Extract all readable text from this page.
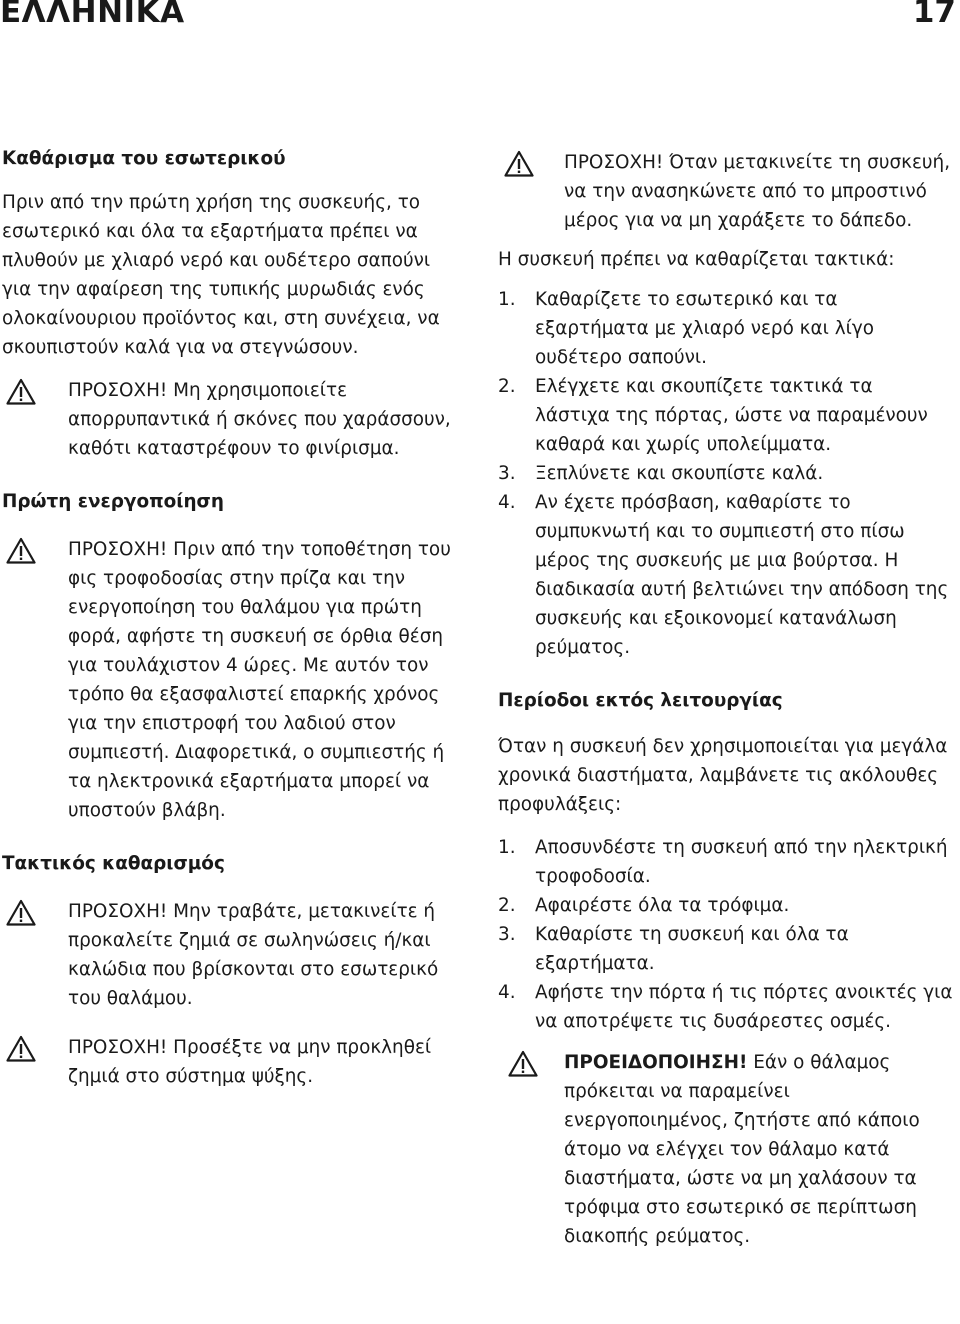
ΕΛΛΗΝΙΚΑ	17
Καθάρισμα του εσωτερικού

Πριν από την πρώτη χρήση της συσκευής, το εσωτερικό και όλα τα εξαρτήματα πρέπει να πλυθούν με χλιαρό νερό και ουδέτερο σαπούνι για την αφαίρεση της τυπικής μυρωδιάς ενός ολοκαίνουριου προϊόντος και, στη συνέχεια, να σκουπιστούν καλά για να στεγνώσουν.

ΠΡΟΣΟΧΗ! Μη χρησιμοποιείτε απορρυπαντικά ή σκόνες που χαράσσουν, καθότι καταστρέφουν το φινίρισμα.

Πρώτη ενεργοποίηση

ΠΡΟΣΟΧΗ! Πριν από την τοποθέτηση του φις τροφοδοσίας στην πρίζα και την ενεργοποίηση του θαλάμου για πρώτη φορά, αφήστε τη συσκευή σε όρθια θέση για τουλάχιστον 4 ώρες. Με αυτόν τον τρόπο θα εξασφαλιστεί επαρκής χρόνος για την επιστροφή του λαδιού στον συμπιεστή. Διαφορετικά, ο συμπιεστής ή τα ηλεκτρονικά εξαρτήματα μπορεί να υποστούν βλάβη.

Τακτικός καθαρισμός

ΠΡΟΣΟΧΗ! Μην τραβάτε, μετακινείτε ή προκαλείτε ζημιά σε σωληνώσεις ή/και καλώδια που βρίσκονται στο εσωτερικό του θαλάμου.

ΠΡΟΣΟΧΗ! Προσέξτε να μην προκληθεί ζημιά στο σύστημα ψύξης.

ΠΡΟΣΟΧΗ! Όταν μετακινείτε τη συσκευή, να την ανασηκώνετε από το μπροστινό μέρος για να μη χαράξετε το δάπεδο.

Η συσκευή πρέπει να καθαρίζεται τακτικά:

1. Καθαρίζετε το εσωτερικό και τα εξαρτήματα με χλιαρό νερό και λίγο ουδέτερο σαπούνι.
2. Ελέγχετε και σκουπίζετε τακτικά τα λάστιχα της πόρτας, ώστε να παραμένουν καθαρά και χωρίς υπολείμματα.
3. Ξεπλύνετε και σκουπίστε καλά.
4. Αν έχετε πρόσβαση, καθαρίστε το συμπυκνωτή και το συμπιεστή στο πίσω μέρος της συσκευής με μια βούρτσα. Η διαδικασία αυτή βελτιώνει την απόδοση της συσκευής και εξοικονομεί κατανάλωση ρεύματος.
Περίοδοι εκτός λειτουργίας

Όταν η συσκευή δεν χρησιμοποιείται για μεγάλα χρονικά διαστήματα, λαμβάνετε τις ακόλουθες προφυλάξεις:

1. Αποσυνδέστε τη συσκευή από την ηλεκτρική τροφοδοσία.
2. Αφαιρέστε όλα τα τρόφιμα.
3. Καθαρίστε τη συσκευή και όλα τα εξαρτήματα.
4. Αφήστε την πόρτα ή τις πόρτες ανοικτές για να αποτρέψετε τις δυσάρεστες οσμές.

ΠΡΟΕΙΔΟΠΟΙΗΣΗ! Εάν ο θάλαμος πρόκειται να παραμείνει ενεργοποιημένος, ζητήστε από κάποιο άτομο να ελέγχει τον θάλαμο κατά διαστήματα, ώστε να μη χαλάσουν τα τρόφιμα στο εσωτερικό σε περίπτωση διακοπής ρεύματος.
